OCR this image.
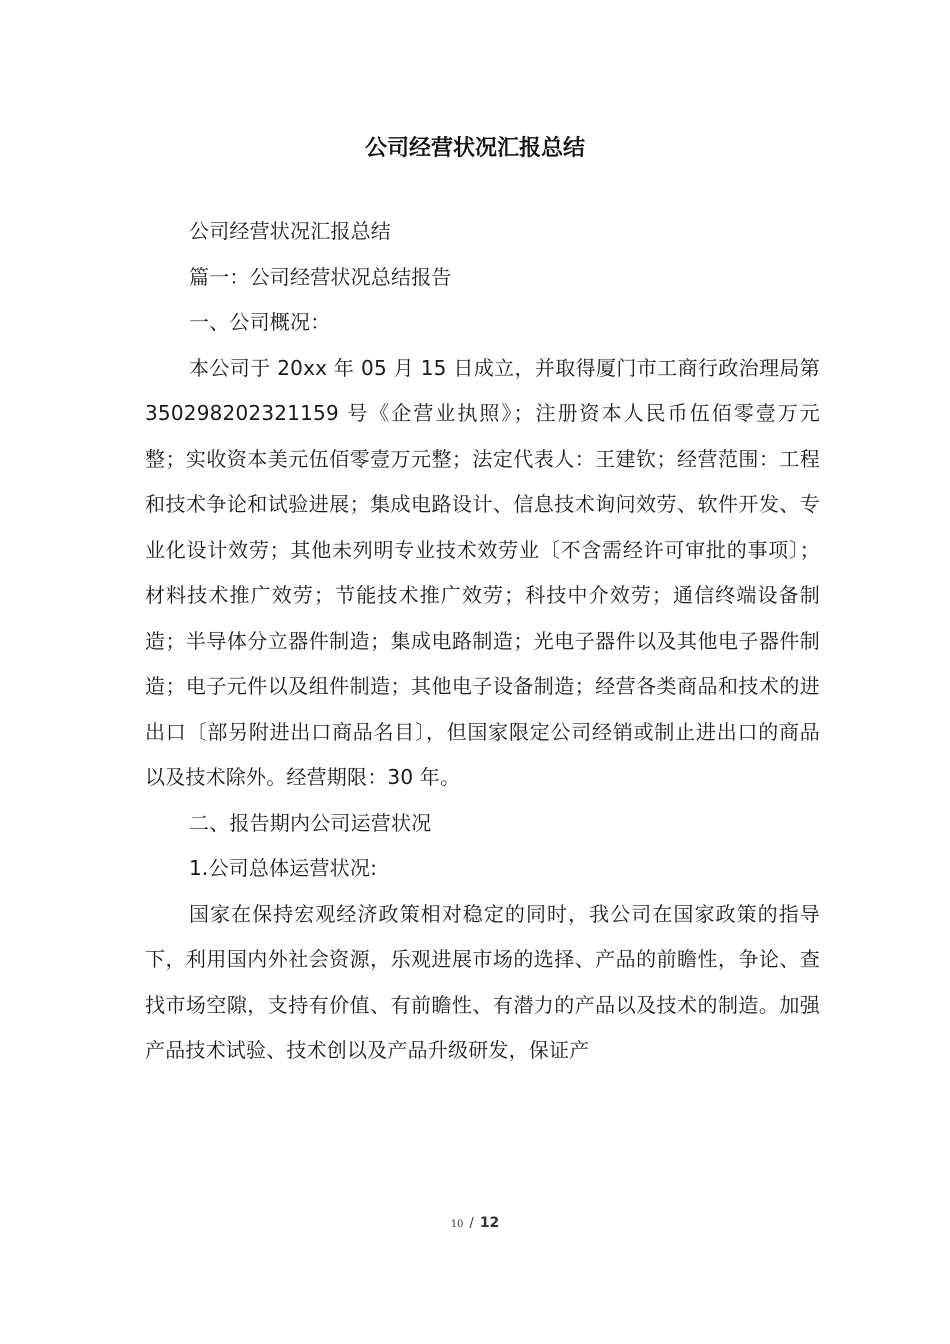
公司经营状况汇报总结

公司经营状况汇报总结

篇一：公司经营状况总结报告

一、公司概况：

本公司于 20xx 年 05 月 15 日成立，并取得厦门市工商行政治理局第 350298202321159 号《企营业执照》；注册资本人民币伍佰零壹万元整；实收资本美元伍佰零壹万元整；法定代表人：王建钦；经营范围：工程和技术争论和试验进展；集成电路设计、信息技术询问效劳、软件开发、专业化设计效劳；其他未列明专业技术效劳业〔不含需经许可审批的事项〕；材料技术推广效劳；节能技术推广效劳；科技中介效劳；通信终端设备制造；半导体分立器件制造；集成电路制造；光电子器件以及其他电子器件制造；电子元件以及组件制造；其他电子设备制造；经营各类商品和技术的进出口〔部另附进出口商品名目〕，但国家限定公司经销或制止进出口的商品以及技术除外。经营期限：30 年。

二、报告期内公司运营状况

1.公司总体运营状况:

国家在保持宏观经济政策相对稳定的同时，我公司在国家政策的指导下，利用国内外社会资源，乐观进展市场的选择、产品的前瞻性，争论、查找市场空隙，支持有价值、有前瞻性、有潜力的产品以及技术的制造。加强产品技术试验、技术创以及产品升级研发，保证产

10 / 12
